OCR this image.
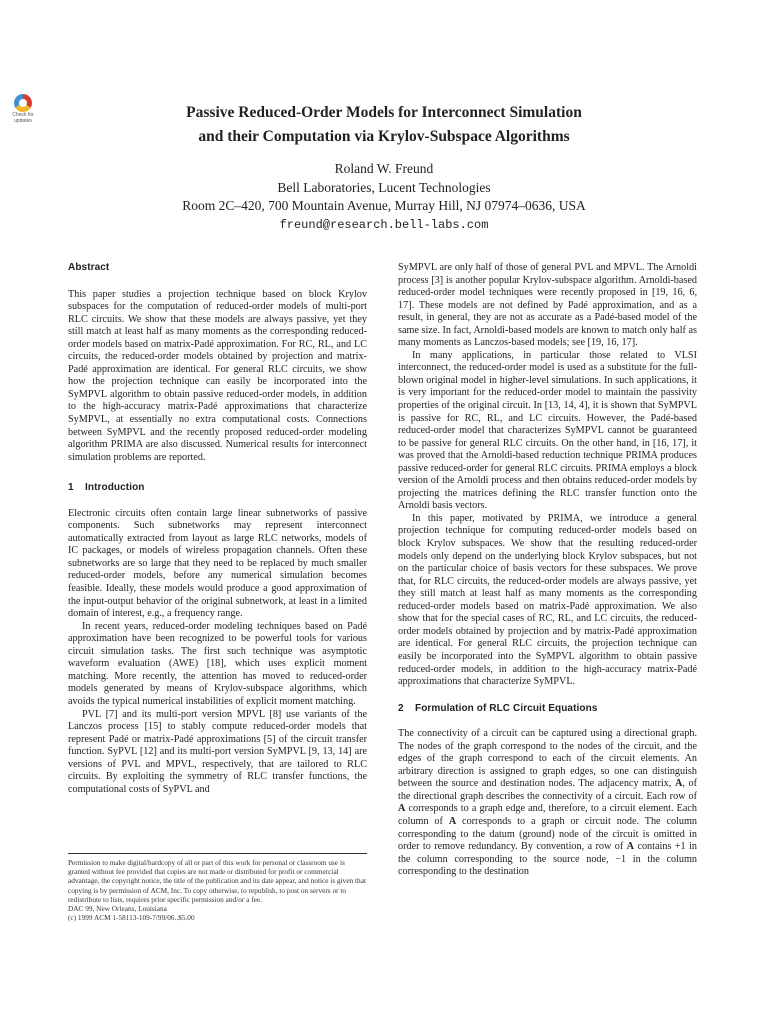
Check for
updates	Passive Reduced-Order Models for Interconnect Simulation
and their Computation via Krylov-Subspace Algorithms
Roland W. Freund
Bell Laboratories, Lucent Technologies
Room 2C–420, 700 Mountain Avenue, Murray Hill, NJ 07974–0636, USA
freund@research.bell-labs.com
Abstract

This paper studies a projection technique based on block Krylov subspaces for the computation of reduced-order models of multi-port RLC circuits. We show that these models are always passive, yet they still match at least half as many moments as the corresponding reduced-order models based on matrix-Padé approximation. For RC, RL, and LC circuits, the reduced-order models obtained by projection and matrix-Padé approximation are identical. For general RLC circuits, we show how the projection technique can easily be incorporated into the SyMPVL algorithm to obtain passive reduced-order models, in addition to the high-accuracy matrix-Padé approximations that characterize SyMPVL, at essentially no extra computational costs. Connections between SyMPVL and the recently proposed reduced-order modeling algorithm PRIMA are also discussed. Numerical results for interconnect simulation problems are reported.

1 Introduction

Electronic circuits often contain large linear subnetworks of passive components. Such subnetworks may represent interconnect automatically extracted from layout as large RLC networks, models of IC packages, or models of wireless propagation channels. Often these subnetworks are so large that they need to be replaced by much smaller reduced-order models, before any numerical simulation becomes feasible. Ideally, these models would produce a good approximation of the input-output behavior of the original subnetwork, at least in a limited domain of interest, e.g., a frequency range.

In recent years, reduced-order modeling techniques based on Padé approximation have been recognized to be powerful tools for various circuit simulation tasks. The first such technique was asymptotic waveform evaluation (AWE) [18], which uses explicit moment matching. More recently, the attention has moved to reduced-order models generated by means of Krylov-subspace algorithms, which avoids the typical numerical instabilities of explicit moment matching.

PVL [7] and its multi-port version MPVL [8] use variants of the Lanczos process [15] to stably compute reduced-order models that represent Padé or matrix-Padé approximations [5] of the circuit transfer function. SyPVL [12] and its multi-port version SyMPVL [9, 13, 14] are versions of PVL and MPVL, respectively, that are tailored to RLC circuits. By exploiting the symmetry of RLC transfer functions, the computational costs of SyPVL and

SyMPVL are only half of those of general PVL and MPVL. The Arnoldi process [3] is another popular Krylov-subspace algorithm. Arnoldi-based reduced-order model techniques were recently proposed in [19, 16, 6, 17]. These models are not defined by Padé approximation, and as a result, in general, they are not as accurate as a Padé-based model of the same size. In fact, Arnoldi-based models are known to match only half as many moments as Lanczos-based models; see [19, 16, 17].

In many applications, in particular those related to VLSI interconnect, the reduced-order model is used as a substitute for the full-blown original model in higher-level simulations. In such applications, it is very important for the reduced-order model to maintain the passivity properties of the original circuit. In [13, 14, 4], it is shown that SyMPVL is passive for RC, RL, and LC circuits. However, the Padé-based reduced-order model that characterizes SyMPVL cannot be guaranteed to be passive for general RLC circuits. On the other hand, in [16, 17], it was proved that the Arnoldi-based reduction technique PRIMA produces passive reduced-order for general RLC circuits. PRIMA employs a block version of the Arnoldi process and then obtains reduced-order models by projecting the matrices defining the RLC transfer function onto the Arnoldi basis vectors.

In this paper, motivated by PRIMA, we introduce a general projection technique for computing reduced-order models based on block Krylov subspaces. We show that the resulting reduced-order models only depend on the underlying block Krylov subspaces, but not on the particular choice of basis vectors for these subspaces. We prove that, for RLC circuits, the reduced-order models are always passive, yet they still match at least half as many moments as the corresponding reduced-order models based on matrix-Padé approximation. We also show that for the special cases of RC, RL, and LC circuits, the reduced-order models obtained by projection and by matrix-Padé approximation are identical. For general RLC circuits, the projection technique can easily be incorporated into the SyMPVL algorithm to obtain passive reduced-order models, in addition to the high-accuracy matrix-Padé approximations that characterize SyMPVL.

2 Formulation of RLC Circuit Equations

The connectivity of a circuit can be captured using a directional graph. The nodes of the graph correspond to the nodes of the circuit, and the edges of the graph correspond to each of the circuit elements. An arbitrary direction is assigned to graph edges, so one can distinguish between the source and destination nodes. The adjacency matrix, A, of the directional graph describes the connectivity of a circuit. Each row of A corresponds to a graph edge and, therefore, to a circuit element. Each column of A corresponds to a graph or circuit node. The column corresponding to the datum (ground) node of the circuit is omitted in order to remove redundancy. By convention, a row of A contains +1 in the column corresponding to the source node, −1 in the column corresponding to the destination

Permission to make digital/hardcopy of all or part of this work for personal or classroom use is granted without fee provided that copies are not made or distributed for profit or commercial advantage, the copyright notice, the title of the publication and its date appear, and notice is given that copying is by permission of ACM, Inc. To copy otherwise, to republish, to post on servers or to redistribute to lists, requires prior specific permission and/or a fee.
DAC 99, New Orleans, Louisiana
(c) 1999 ACM 1-58113-109-7/99/06..$5.00
